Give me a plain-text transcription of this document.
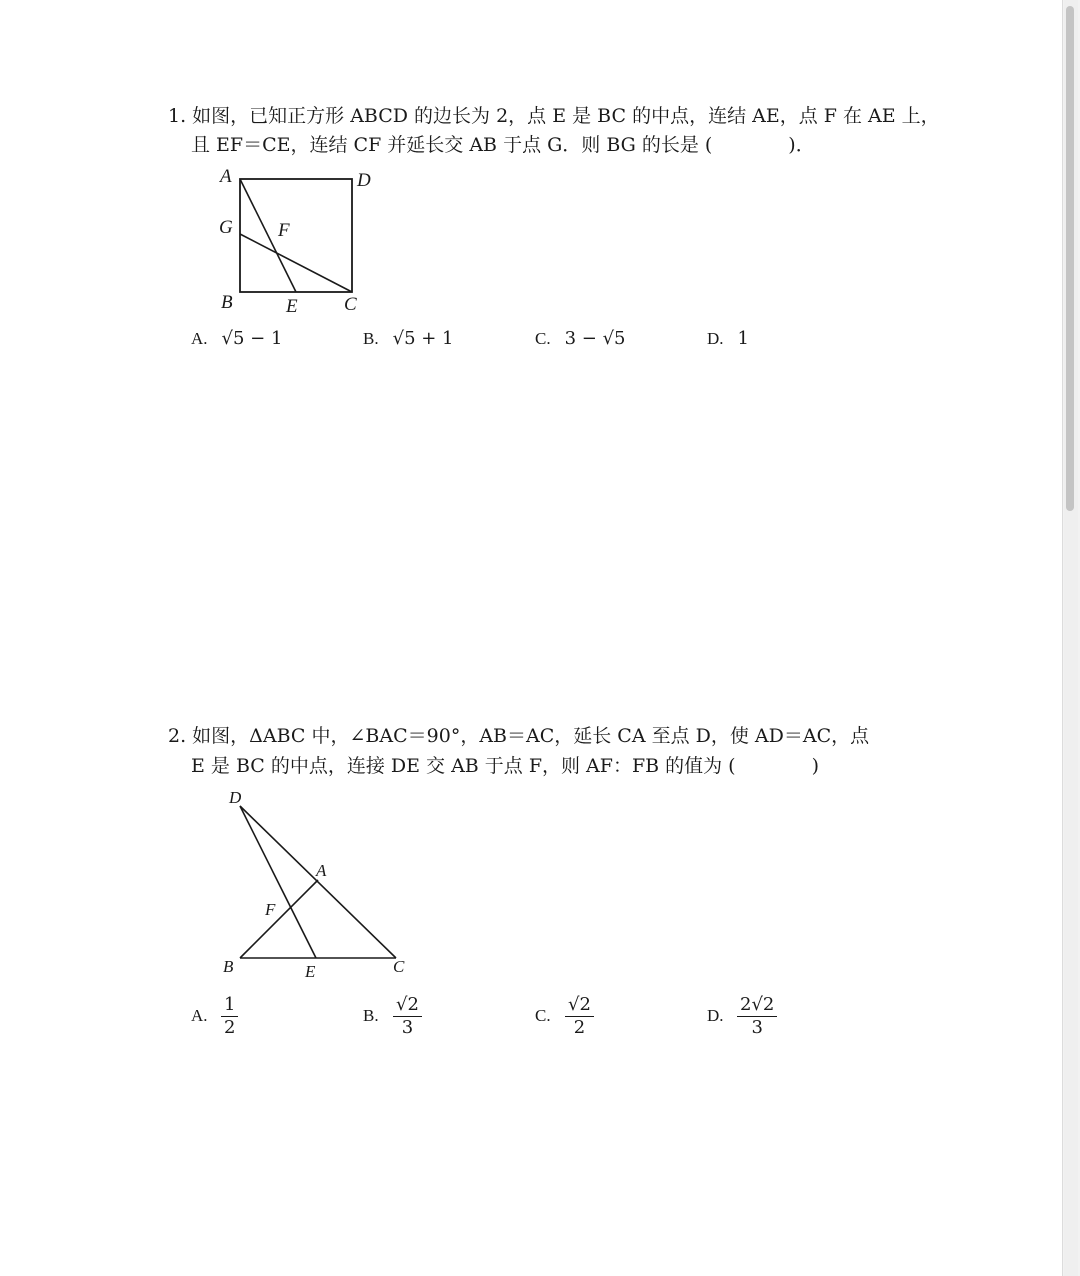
1. 如图，已知正方形 ABCD 的边长为 2，点 E 是 BC 的中点，连结 AE，点 F 在 AE 上，
且 EF＝CE，连结 CF 并延长交 AB 于点 G．则 BG 的长是 (　　　　)．
A	D
G F
B	E C
A. √5 − 1	B. √5 + 1	C. 3 − √5	D. 1
2. 如图，ΔABC 中，∠BAC＝90°，AB＝AC，延长 CA 至点 D，使 AD＝AC，点
E 是 BC 的中点，连接 DE 交 AB 于点 F，则 AF：FB 的值为 (　　　　)
D
A
F
B	E	C
A. $\frac{1}{2}$	B. $\frac{√2}{3}$	C. $\frac{√2}{2}$	D. $\frac{2√2}{3}$
